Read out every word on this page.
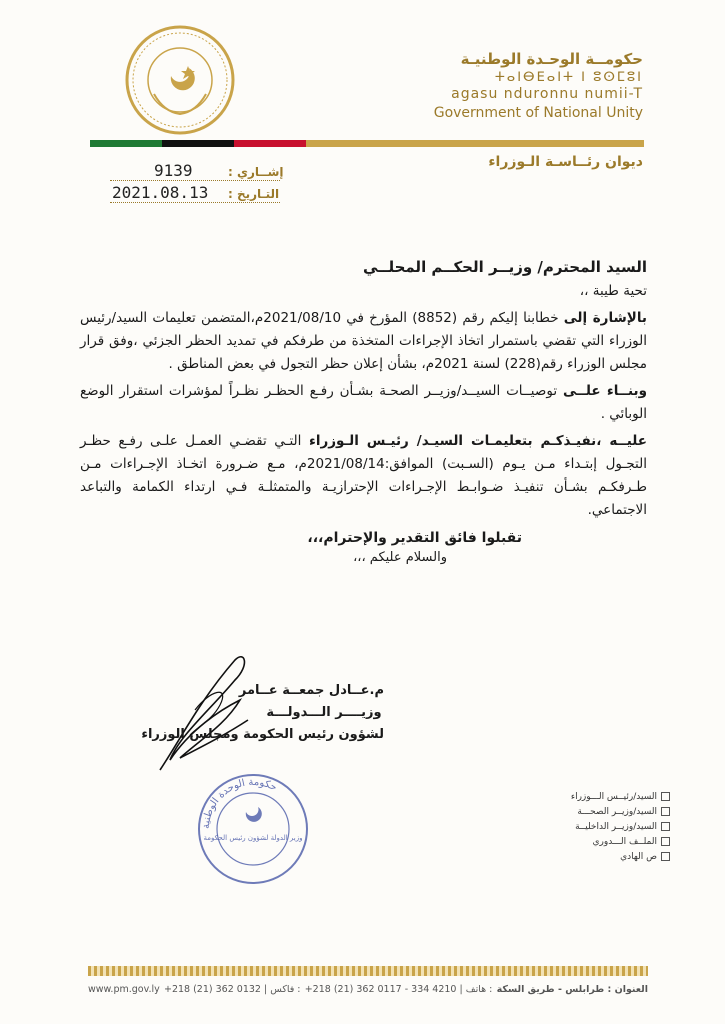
حكومــة الوحـدة الوطنيـة
ⵜⴰⵏⴱⴹⴰⵏⵜ ⵏ ⵓⵙⵎⵓⵏ
agasu nduronnu numii-T
Government of National Unity
ديوان رئــاسـة الـوزراء
إشــاري :
التـاريخ :
9139
2021.08.13
السيد المحترم/ وزيــر الحكــم المحلــي
تحية طيبة ،،
بالإشارة إلى خطابنا إليكم رقم (8852) المؤرخ في 2021/08/10م،المتضمن تعليمات السيد/رئيس الوزراء التي تقضي باستمرار اتخاذ الإجراءات المتخذة من طرفكم في تمديد الحظر الجزئي ،وفق قرار مجلس الوزراء رقم(228) لسنة 2021م، بشأن إعلان حظر التجول في بعض المناطق .
وبنــاء علــى توصيــات السيــد/وزيــر الصحـة بشـأن رفـع الحظـر نظـراً لمؤشرات استقرار الوضع الوبائي .
عليــه ،نفيـذكـم بتعليمـات السيـد/ رئيـس الـوزراء التـي تقضـي العمـل علـى رفـع حظـر التجـول إبتـداء مـن يـوم (السـبت) الموافق:2021/08/14م، مـع ضـرورة اتخـاذ الإجـراءات مـن طـرفكـم بشـأن تنفيـذ ضـوابـط الإجـراءات الإحترازيـة والمتمثلـة فـي ارتداء الكمامة والتباعد الاجتماعي.
تقبلوا فائق التقدير والإحترام،،،
والسلام عليكم ،،،
م.عــادل جمعــة عــامر
وزيــــر الـــدولـــة
لشؤون رئيس الحكومة ومجلس الوزراء
حكومة الوحدة الوطنية
وزير الدولة لشؤون رئيس الحكومة
السيد/رئيــس الـــوزراء
السيد/وزيــر الصحـــة
السيد/وزيــر الداخليــة
الملــف الـــدوري
ص الهادي
www.pm.gov.ly +218 (21) 362 0132 | فاكس : +218 (21) 362 0117 - 334 4210 | هاتف : العنوان : طرابلس - طريق السكة
